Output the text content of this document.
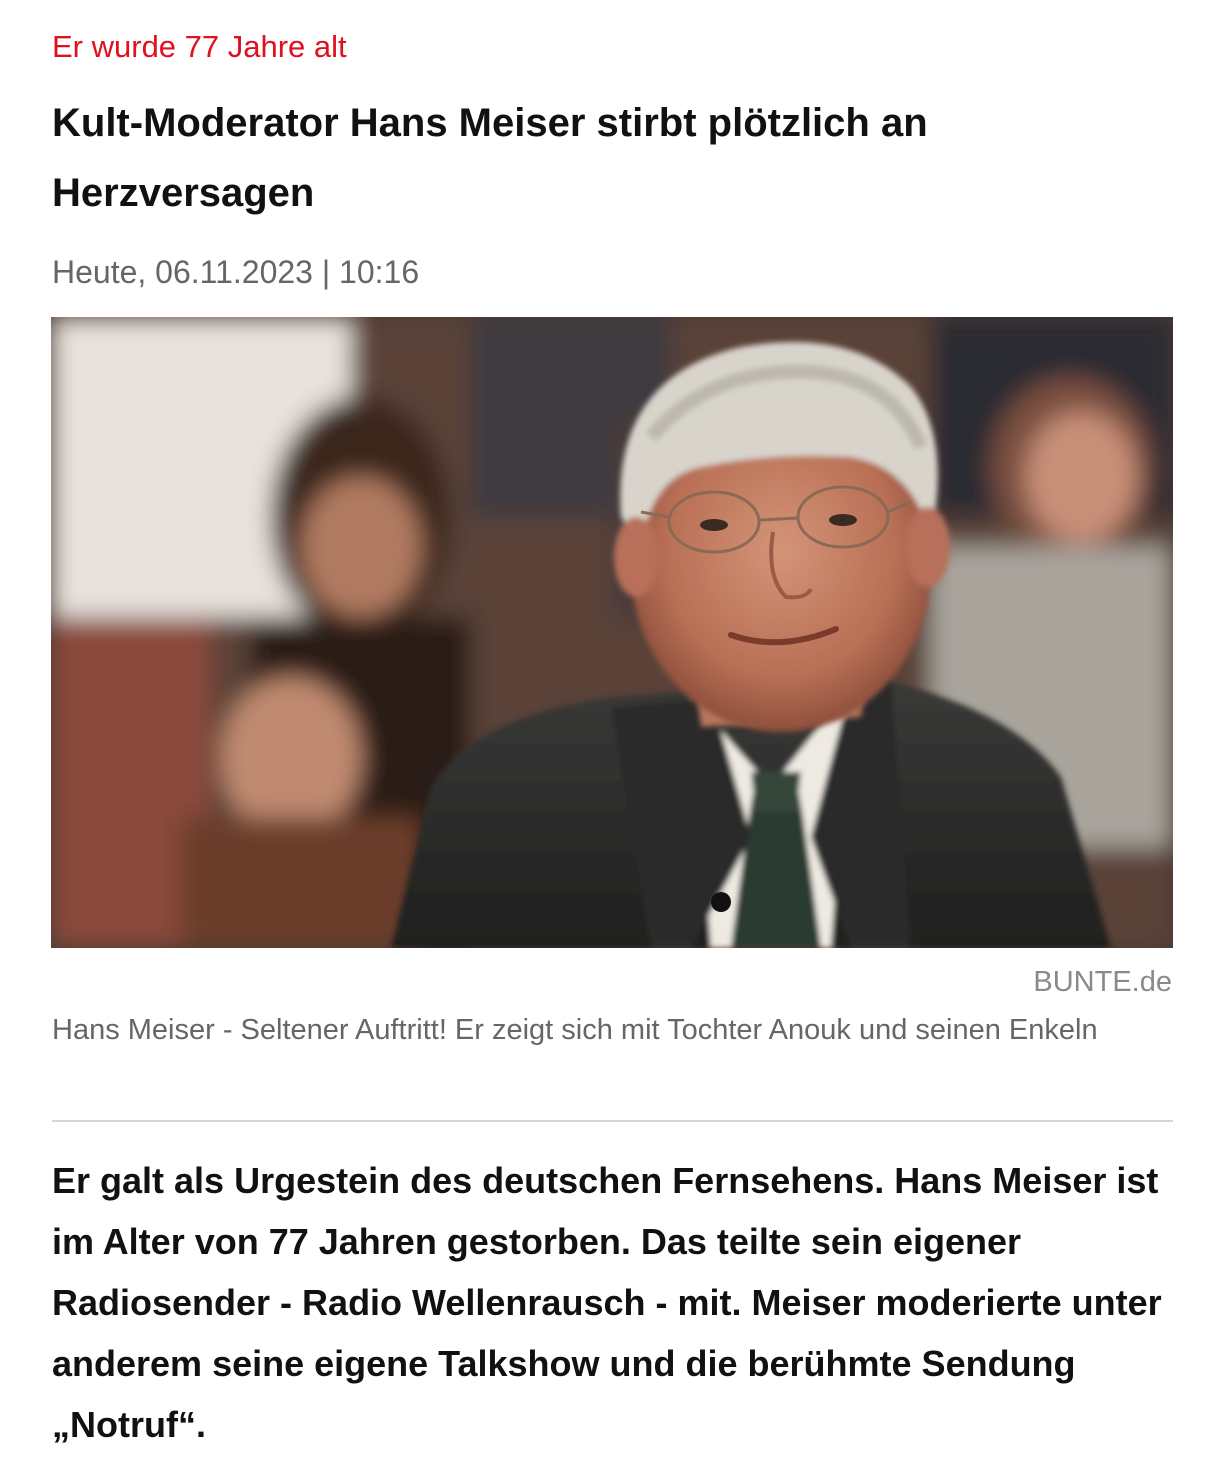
Er wurde 77 Jahre alt
Kult-Moderator Hans Meiser stirbt plötzlich an Herzversagen
Heute, 06.11.2023 | 10:16
BUNTE.de
Hans Meiser - Seltener Auftritt! Er zeigt sich mit Tochter Anouk und seinen Enkeln
Er galt als Urgestein des deutschen Fernsehens. Hans Meiser ist im Alter von 77 Jahren gestorben. Das teilte sein eigener Radiosender - Radio Wellenrausch - mit. Meiser moderierte unter anderem seine eigene Talkshow und die berühmte Sendung „Notruf“.
